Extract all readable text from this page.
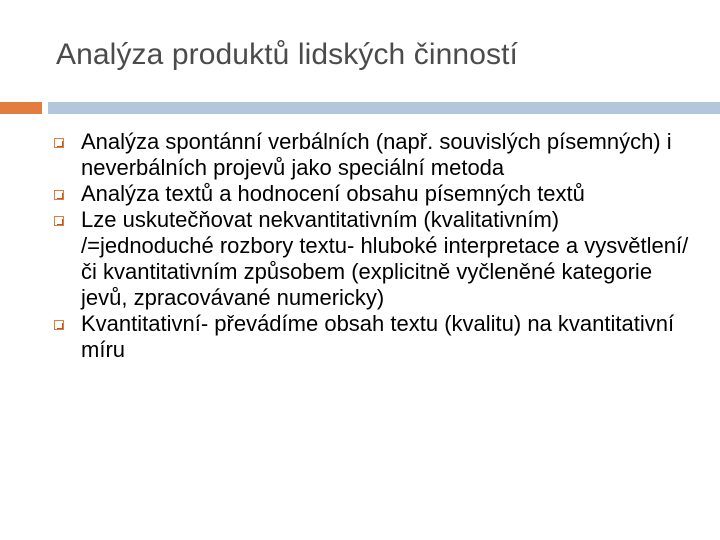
Analýza produktů lidských činností
Analýza spontánní verbálních (např. souvislých písemných) i neverbálních projevů jako speciální metoda
Analýza textů a hodnocení obsahu písemných textů
Lze uskutečňovat nekvantitativním (kvalitativním) /=jednoduché rozbory textu- hluboké interpretace a vysvětlení/ či kvantitativním způsobem (explicitně vyčleněné kategorie jevů, zpracovávané numericky)
Kvantitativní- převádíme obsah textu (kvalitu) na kvantitativní míru
